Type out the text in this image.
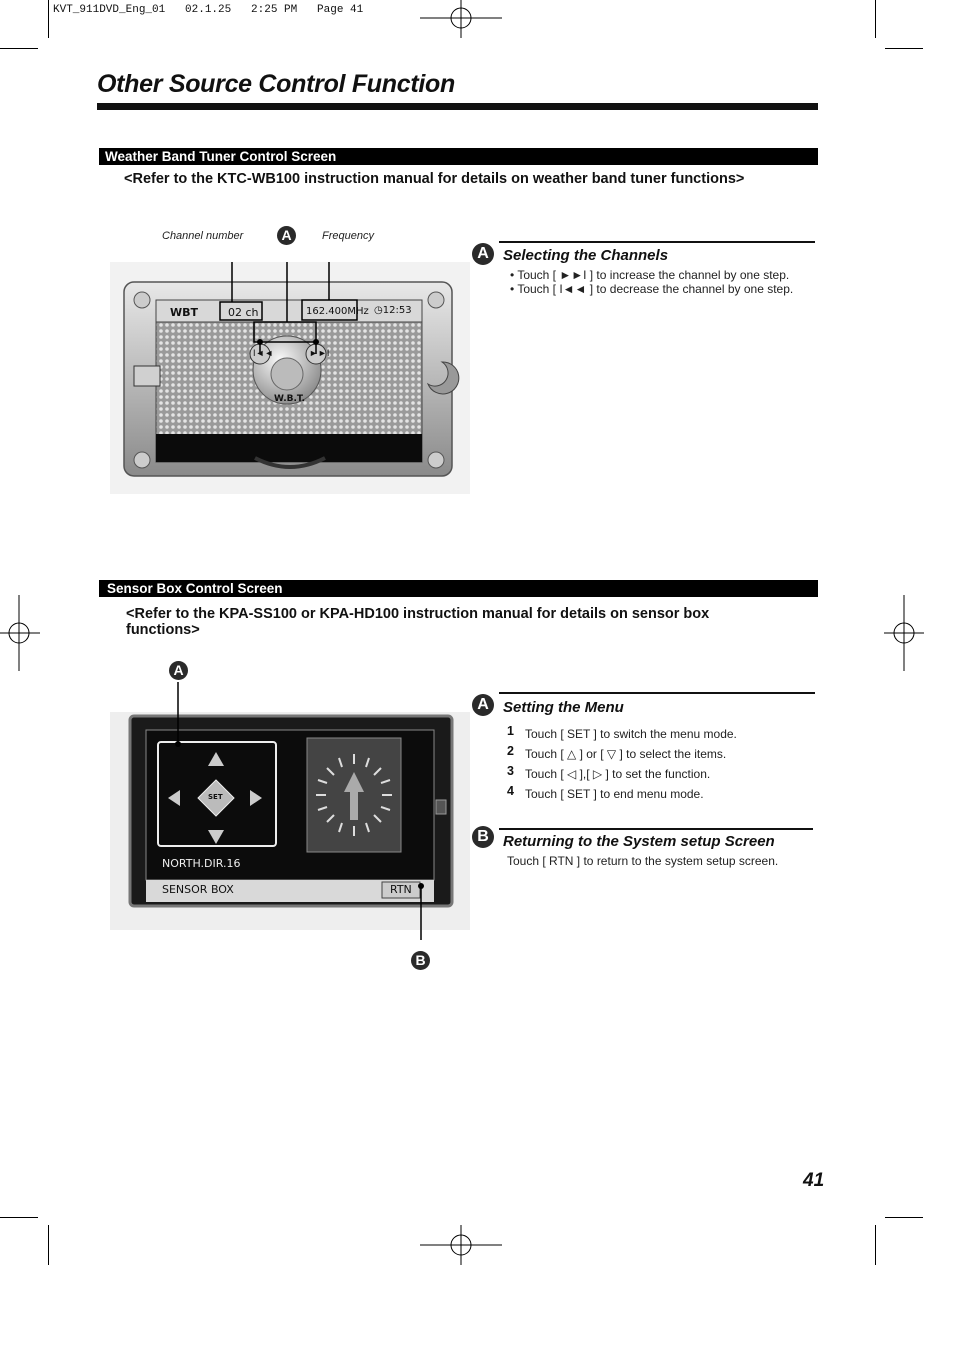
KVT_911DVD_Eng_01   02.1.25   2:25 PM   Page 41
Other Source Control Function
Weather Band Tuner Control Screen
<Refer to the KTC-WB100 instruction manual for details on weather band tuner functions>
Channel number	Frequency
A
WBT	02 ch	162.400MHz ◷12:53
I◄◄	►►I
W.B.T.
A Selecting the Channels
• Touch [ ►►I ] to increase the channel by one step.
• Touch [ I◄◄ ] to decrease the channel by one step.
Sensor Box Control Screen
<Refer to the KPA-SS100 or KPA-HD100 instruction manual for details on sensor box functions>
SET
NORTH.DIR.16
SENSOR BOX	RTN
A
B
A Setting the Menu
1 Touch [ SET ] to switch the menu mode.
2 Touch [ △ ] or [ ▽ ] to select the items.
3 Touch [ ◁ ],[ ▷ ] to set the function.
4 Touch [ SET ] to end menu mode.
B Returning to the System setup Screen
Touch [ RTN ] to return to the system setup screen.
41
